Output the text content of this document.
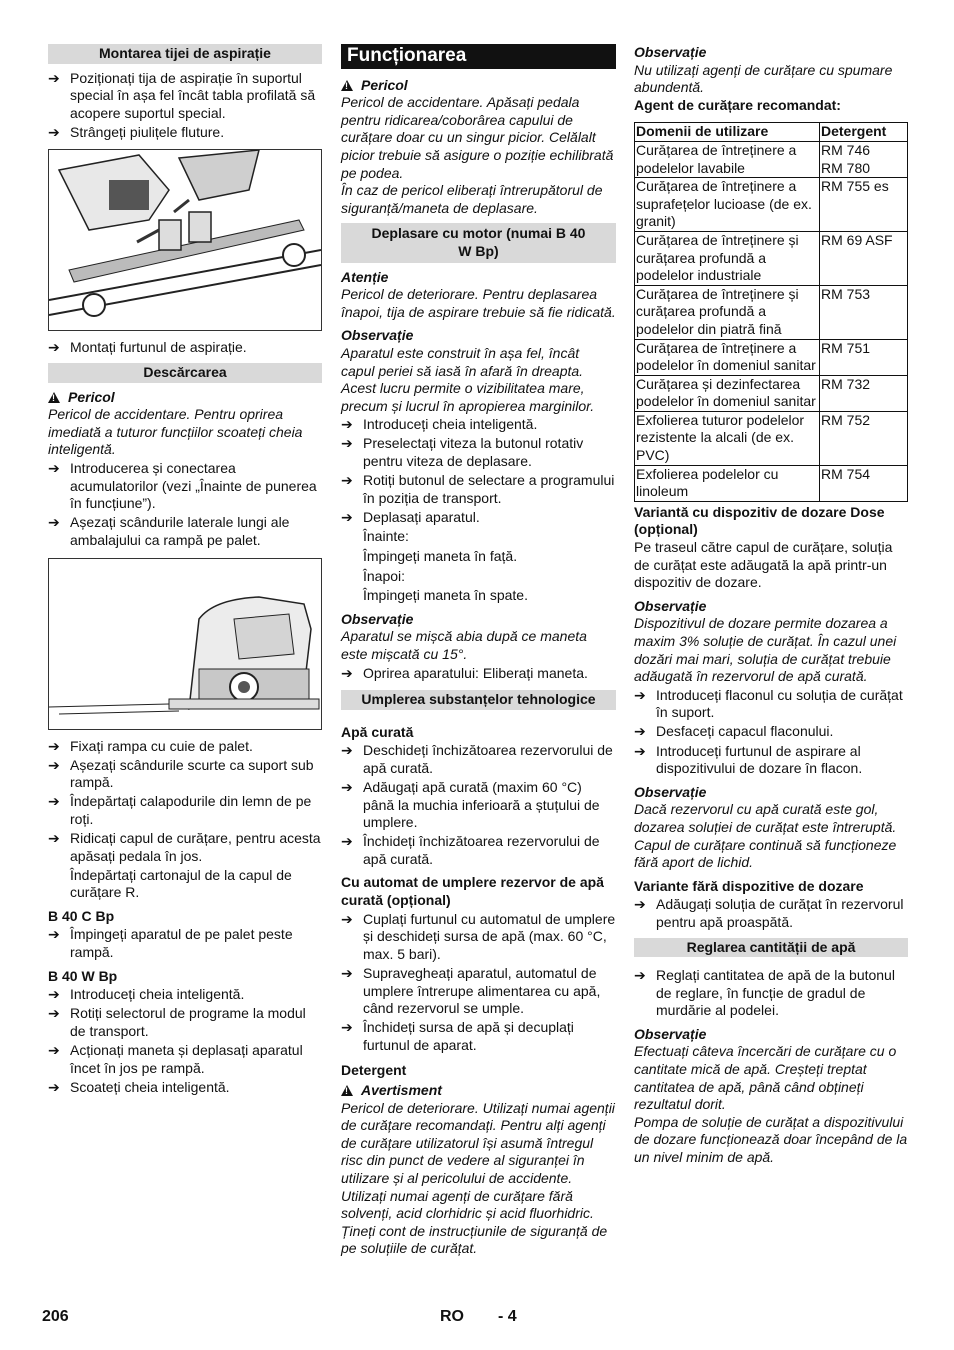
Montarea tijei de aspirație
➔ Poziționați tija de aspirație în suportul special în așa fel încât tabla profilată să acopere suportul special.
➔ Strângeți piulițele fluture.
➔ Montați furtunul de aspirație.
Descărcarea
!
Pericol
Pericol de accidentare. Pentru oprirea imediată a tuturor funcțiilor scoateți cheia inteligentă.
➔ Introducerea și conectarea acumulatorilor (vezi „Înainte de punerea în funcțiune”).
➔ Așezați scândurile laterale lungi ale ambalajului ca rampă pe palet.
➔ Fixați rampa cu cuie de palet.
➔ Așezați scândurile scurte ca suport sub rampă.
➔ Îndepărtați calapodurile din lemn de pe roți.
➔ Ridicați capul de curățare, pentru acesta apăsați pedala în jos.
Îndepărtați cartonajul de la capul de curățare R.
B 40 C Bp
➔ Împingeți aparatul de pe palet peste rampă.
B 40 W Bp
➔ Introduceți cheia inteligentă.
➔ Rotiți selectorul de programe la modul de transport.
➔ Acționați maneta și deplasați aparatul încet în jos pe rampă.
➔ Scoateți cheia inteligentă.
Funcționarea
!
Pericol
Pericol de accidentare. Apăsați pedala pentru ridicarea/coborârea capului de curățare doar cu un singur picior. Celălalt picior trebuie să asigure o poziție echilibrată pe podea.
În caz de pericol eliberați întrerupătorul de siguranță/maneta de deplasare.
Deplasare cu motor (numai B 40 W Bp)
Atenție
Pericol de deteriorare. Pentru deplasarea înapoi, tija de aspirare trebuie să fie ridicată.
Observație
Aparatul este construit în așa fel, încât capul periei să iasă în afară în dreapta. Acest lucru permite o vizibilitatea mare, precum și lucrul în apropierea marginilor.
➔ Introduceți cheia inteligentă.
➔ Preselectați viteza la butonul rotativ pentru viteza de deplasare.
➔ Rotiți butonul de selectare a programului în poziția de transport.
➔ Deplasați aparatul.
Înainte:
Împingeți maneta în față.
Înapoi:
Împingeți maneta în spate.
Observație
Aparatul se mișcă abia după ce maneta este mișcată cu 15°.
➔ Oprirea aparatului: Eliberați maneta.
Umplerea substanțelor tehnologice
Apă curată
➔ Deschideți închizătoarea rezervorului de apă curată.
➔ Adăugați apă curată (maxim 60 °C) până la muchia inferioară a ștuțului de umplere.
➔ Închideți închizătoarea rezervorului de apă curată.
Cu automat de umplere rezervor de apă curată (opțional)
➔ Cuplați furtunul cu automatul de umplere și deschideți sursa de apă (max. 60 °C, max. 5 bari).
➔ Supravegheați aparatul, automatul de umplere întrerupe alimentarea cu apă, când rezervorul se umple.
➔ Închideți sursa de apă și decuplați furtunul de aparat.
Detergent
!
Avertisment
Pericol de deteriorare. Utilizați numai agenții de curățare recomandați. Pentru alți agenți de curățare utilizatorul își asumă întregul risc din punct de vedere al siguranței în utilizare și al pericolului de accidente.
Utilizați numai agenți de curățare fără solvenți, acid clorhidric și acid fluorhidric.
Țineți cont de instrucțiunile de siguranță de pe soluțiile de curățat.
Observație
Nu utilizați agenți de curățare cu spumare abundentă.
Agent de curățare recomandat:
Domenii de utilizare	Detergent
Curățarea de întreținere a podelelor lavabile	RM 746
RM 780
Curățarea de întreținere a suprafețelor lucioase (de ex. granit)	RM 755 es
Curățarea de întreținere și curățarea profundă a podelelor industriale	RM 69 ASF
Curățarea de întreținere și curățarea profundă a podelelor din piatră fină	RM 753
Curățarea de întreținere a podelelor în domeniul sanitar	RM 751
Curățarea și dezinfectarea podelelor în domeniul sanitar	RM 732
Exfolierea tuturor podelelor rezistente la alcali (de ex. PVC)	RM 752
Exfolierea podelelor cu linoleum	RM 754
Variantă cu dispozitiv de dozare Dose (opțional)
Pe traseul către capul de curățare, soluția de curățat este adăugată la apă printr-un dispozitiv de dozare.
Observație
Dispozitivul de dozare permite dozarea a maxim 3% soluție de curățat. În cazul unei dozări mai mari, soluția de curățat trebuie adăugată în rezervorul de apă curată.
➔ Introduceți flaconul cu soluția de curățat în suport.
➔ Desfaceți capacul flaconului.
➔ Introduceți furtunul de aspirare al dispozitivului de dozare în flacon.
Observație
Dacă rezervorul cu apă curată este gol, dozarea soluției de curățat este întreruptă. Capul de curățare continuă să funcționeze fără aport de lichid.
Variante fără dispozitive de dozare
➔ Adăugați soluția de curățat în rezervorul pentru apă proaspătă.
Reglarea cantității de apă
➔ Reglați cantitatea de apă de la butonul de reglare, în funcție de gradul de murdărie al podelei.
Observație
Efectuați câteva încercări de curățare cu o cantitate mică de apă. Creșteți treptat cantitatea de apă, până când obțineți rezultatul dorit.
Pompa de soluție de curățat a dispozitivului de dozare funcționează doar începând de la un nivel minim de apă.
206	RO - 4
